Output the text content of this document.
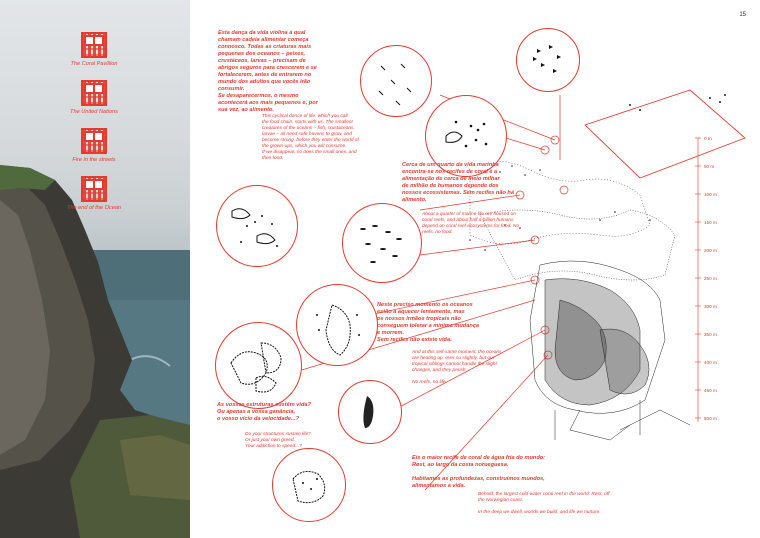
The Coral Pavillion
The United Nations
Fire in the streets
The end of the Ocean
15
0 m
50 m
100 m
150 m
200 m
250 m
300 m
350 m
400 m
450 m
500 m
Esta dança da vida violina à qual
chamam cadeia alimentar começa
connosco. Todas as criaturas mais
pequenas dos oceanos – peixes,
crustáceos, larvas – precisam de
abrigos seguros para crescerem e se
fortalecerem, antes de entrarem no
mundo dos adultos que vocês irão
consumir.
Se desaparecermos, o mesmo
acontecerá aos mais pequenos e, por
sua vez, ao alimento.
This cyclical dance of life, which you call
the food chain, starts with us. The smallest
creatures of the oceans – fish, crustaceans,
larvae – all need safe havens to grow, and
become strong, before they enter the world of
the grown-ups, which you will consume.
If we disappear, so does the small ones, and
then food.
Cerca de um quarto da vida marinha
encontra-se nos recifes de coral e a
alimentação de cerca de meio milhar
de milhão de humanos depende dos
nossos ecossistemas. Sem recifes não há
alimento.
About a quarter of marine life are housed on
coral reefs, and about half a billion humans
depend on coral reef ecosystems for food. No
reefs, no food.
Neste preciso momento os oceanos
estão a aquecer lentamente, mas
os nossos irmãos tropicais não
conseguem tolerar a mínima mudança
e morrem.
Sem recifes não existe vida.
And at this self-same moment, the oceans
are heating up, ever so slightly, but our
tropical siblings cannot handle the slight
changes, and they perish.

No reefs, no life.
As vossas estruturas sustêm vida?
Ou apenas a vossa ganância,
o vosso vício da velocidade...?
Do your structures sustain life?
Or just your own greed,
Your addiction to speed...?
Eis o maior recife de coral de água fria do mundo:
Røst, ao largo da costa norueguesa.

Habitamos as profundezas, construímos mundos,
alimentamos a vida.
Behold, the largest cold-water coral reef in the world: Røst, off
the Norwegian coast.

In the deep we dwell, worlds we build, and life we nurture.
